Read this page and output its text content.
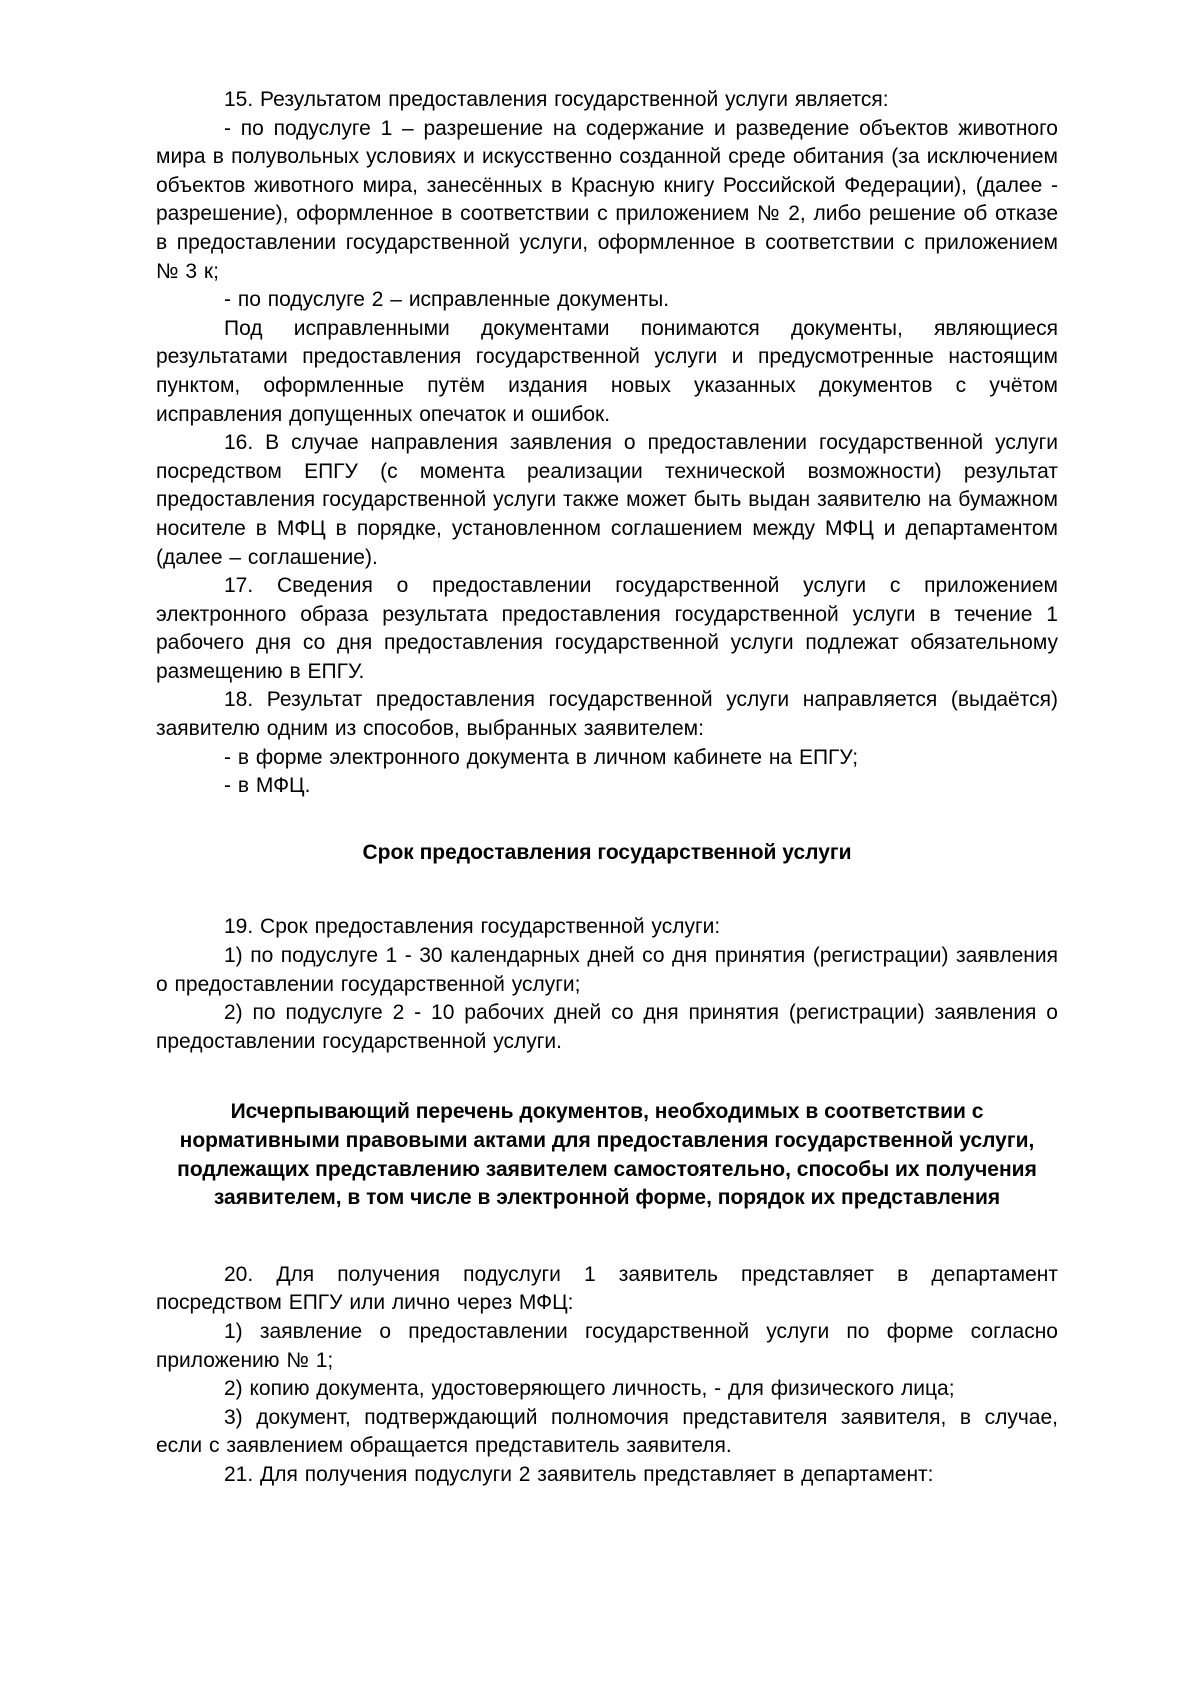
15. Результатом предоставления государственной услуги является:

- по подуслуге 1 – разрешение на содержание и разведение объектов животного мира в полувольных условиях и искусственно созданной среде обитания (за исключением объектов животного мира, занесённых в Красную книгу Российской Федерации), (далее - разрешение), оформленное в соответствии с приложением № 2, либо решение об отказе в предоставлении государственной услуги, оформленное в соответствии с приложением № 3 к;

- по подуслуге 2 – исправленные документы.

Под исправленными документами понимаются документы, являющиеся результатами предоставления государственной услуги и предусмотренные настоящим пунктом, оформленные путём издания новых указанных документов с учётом исправления допущенных опечаток и ошибок.

16. В случае направления заявления о предоставлении государственной услуги посредством ЕПГУ (с момента реализации технической возможности) результат предоставления государственной услуги также может быть выдан заявителю на бумажном носителе в МФЦ в порядке, установленном соглашением между МФЦ и департаментом (далее – соглашение).

17. Сведения о предоставлении государственной услуги с приложением электронного образа результата предоставления государственной услуги в течение 1 рабочего дня со дня предоставления государственной услуги подлежат обязательному размещению в ЕПГУ.

18. Результат предоставления государственной услуги направляется (выдаётся) заявителю одним из способов, выбранных заявителем:

- в форме электронного документа в личном кабинете на ЕПГУ;

- в МФЦ.

Срок предоставления государственной услуги

19. Срок предоставления государственной услуги:

1) по подуслуге 1 - 30 календарных дней со дня принятия (регистрации) заявления о предоставлении государственной услуги;

2) по подуслуге 2 - 10 рабочих дней со дня принятия (регистрации) заявления о предоставлении государственной услуги.

Исчерпывающий перечень документов, необходимых в соответствии с нормативными правовыми актами для предоставления государственной услуги, подлежащих представлению заявителем самостоятельно, способы их получения заявителем, в том числе в электронной форме, порядок их представления

20. Для получения подуслуги 1 заявитель представляет в департамент посредством ЕПГУ или лично через МФЦ:

1) заявление о предоставлении государственной услуги по форме согласно приложению № 1;

2) копию документа, удостоверяющего личность, - для физического лица;

3) документ, подтверждающий полномочия представителя заявителя, в случае, если с заявлением обращается представитель заявителя.

21. Для получения подуслуги 2 заявитель представляет в департамент:
